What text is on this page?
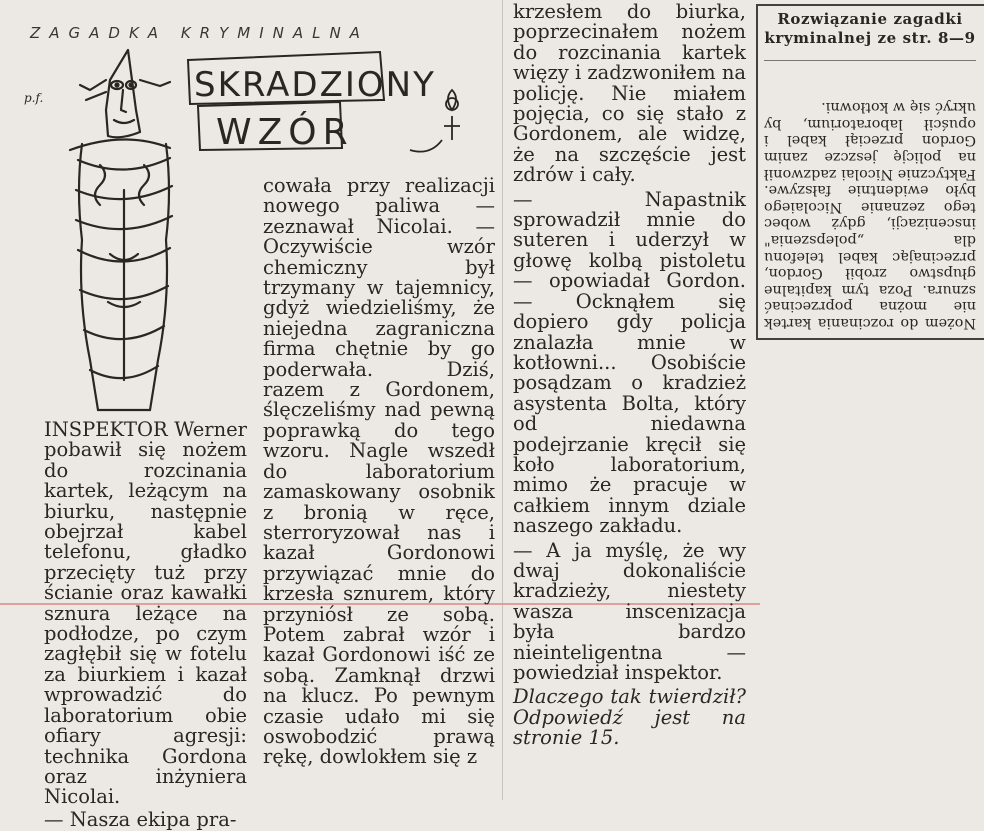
ZAGADKA KRYMINALNA
p.f.	SKRADZIONY
WZÓR

INSPEKTOR Werner pobawił się nożem do rozcinania kartek, leżącym na biurku, następnie obejrzał kabel telefonu, gładko przecięty tuż przy ścianie oraz kawałki sznura leżące na podłodze, po czym zagłębił się w fotelu za biurkiem i kazał wprowadzić do laboratorium obie ofiary agresji: technika Gordona oraz inżyniera Nicolai.

— Nasza ekipa pra-

cowała przy realizacji nowego paliwa — zeznawał Nicolai. — Oczywiście wzór chemiczny był trzymany w tajemnicy, gdyż wiedzieliśmy, że niejedna zagraniczna firma chętnie by go poderwała. Dziś, razem z Gordonem, ślęczeliśmy nad pewną poprawką do tego wzoru. Nagle wszedł do laboratorium zamaskowany osobnik z bronią w ręce, sterroryzował nas i kazał Gordonowi przywiązać mnie do krzesła sznurem, który przyniósł ze sobą. Potem zabrał wzór i kazał Gordonowi iść ze sobą. Zamknął drzwi na klucz. Po pewnym czasie udało mi się oswobodzić prawą rękę, dowlokłem się z

krzesłem do biurka, poprzecinałem nożem do rozcinania kartek więzy i zadzwoniłem na policję. Nie miałem pojęcia, co się stało z Gordonem, ale widzę, że na szczęście jest zdrów i cały.

— Napastnik sprowadził mnie do suteren i uderzył w głowę kolbą pistoletu — opowiadał Gordon. — Ocknąłem się dopiero gdy policja znalazła mnie w kotłowni... Osobiście posądzam o kradzież asystenta Bolta, który od niedawna podejrzanie kręcił się koło laboratorium, mimo że pracuje w całkiem innym dziale naszego zakładu.

— A ja myślę, że wy dwaj dokonaliście kradzieży, niestety wasza inscenizacja była bardzo nieinteligentna — powiedział inspektor.

Dlaczego tak twierdził? Odpowiedź jest na stronie 15.

Rozwiązanie zagadki kryminalnej ze str. 8—9

Nożem do rozcinania kartek nie można poprzecinać sznura. Poza tym kapitalne głupstwo zrobił Gordon, przecinając kabel telefonu dla „polepszenia" inscenizacji, gdyż wobec tego zeznanie Nicolaiego było ewidentnie fałszywe. Faktycznie Nicolai zadzwonił na policję jeszcze zanim Gordon przeciął kabel i opuścił laboratorium, by ukryć się w kotłowni.
